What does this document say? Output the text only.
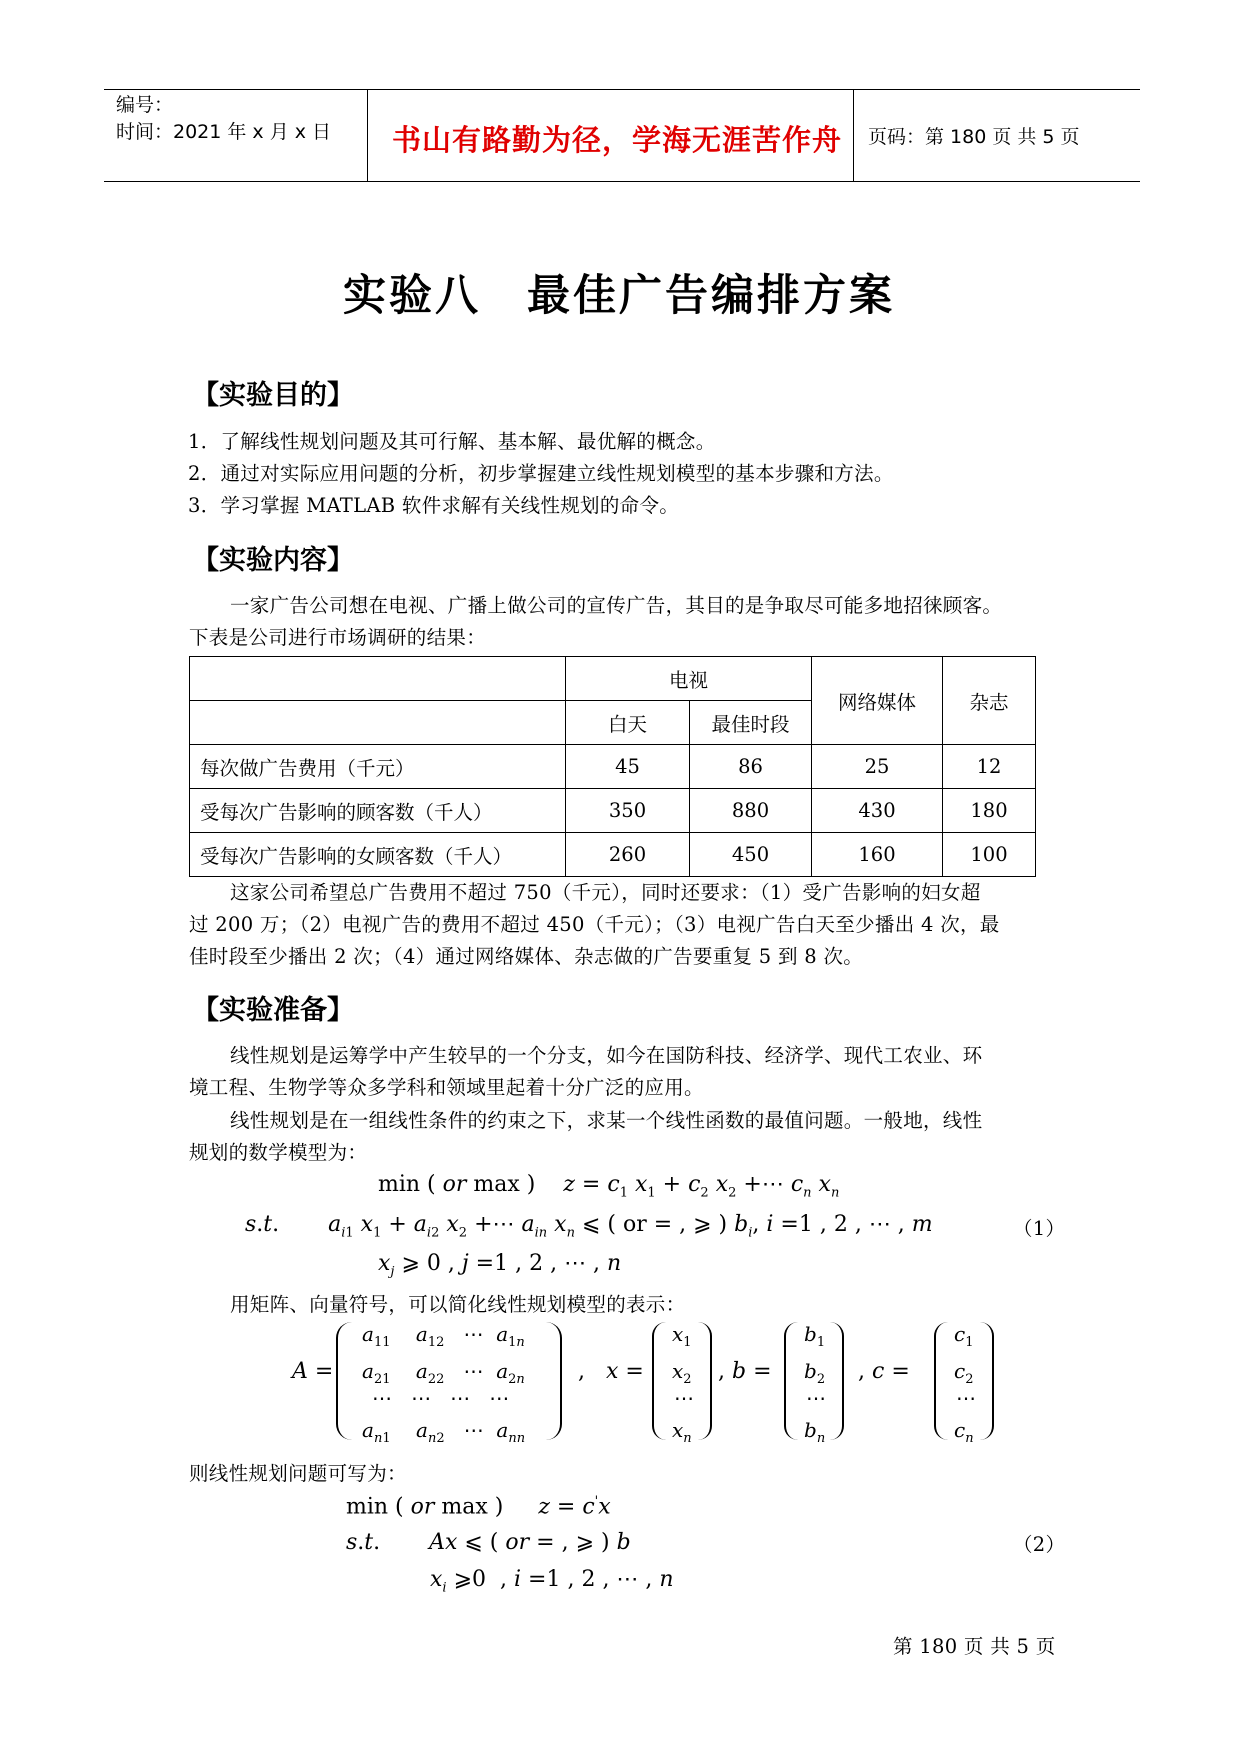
编号：
时间：2021 年 x 月 x 日 书山有路勤为径，学海无涯苦作舟 页码：第 180 页 共 5 页
实验八　最佳广告编排方案
【实验目的】
1．了解线性规划问题及其可行解、基本解、最优解的概念。
2．通过对实际应用问题的分析，初步掌握建立线性规划模型的基本步骤和方法。
3．学习掌握 MATLAB 软件求解有关线性规划的命令。
【实验内容】
一家广告公司想在电视、广播上做公司的宣传广告，其目的是争取尽可能多地招徕顾客。
下表是公司进行市场调研的结果：
	电视		网络媒体	杂志
	白天	最佳时段		
每次做广告费用（千元）	45	86	25	12
受每次广告影响的顾客数（千人）	350	880	430	180
受每次广告影响的女顾客数（千人）	260	450	160	100
这家公司希望总广告费用不超过 750（千元），同时还要求：（1）受广告影响的妇女超
过 200 万；（2）电视广告的费用不超过 450（千元）；（3）电视广告白天至少播出 4 次，最
佳时段至少播出 2 次；（4）通过网络媒体、杂志做的广告要重复 5 到 8 次。
【实验准备】
线性规划是运筹学中产生较早的一个分支，如今在国防科技、经济学、现代工农业、环
境工程、生物学等众多学科和领域里起着十分广泛的应用。
线性规划是在一组线性条件的约束之下，求某一个线性函数的最值问题。一般地，线性
规划的数学模型为：
min ( or max )    $z = c_1$ $x_1 + c_2$ $x_2$ +⋯ $c_n$ $x_n$
s.t.       $a_{i1}$ $x_1 + a_{i2}$ $x_2$ +⋯ $a_{in}$ $x_n$ ⩽ ( or = , ⩾ ) $b_i$, i =1 , 2 , ⋯ , m	（1）
$x_j$ ⩾ 0 , j =1 , 2 , ⋯ , n
用矩阵、向量符号，可以简化线性规划模型的表示：
A =
$a_{11}$ $a_{12}$   ⋯  $a_{1n}$
$a_{21}$ $a_{22}$   ⋯  $a_{2n}$
⋯   ⋯   ⋯   ⋯
$a_{n1}$ $a_{n2}$   ⋯  $a_{nn}$
, x =
$x_1$
$x_2$
⋯
$x_n$
, b =
$b_1$
$b_2$
⋯
$b_n$
, c =
$c_1$
$c_2$
⋯
$c_n$
则线性规划问题可写为：
min ( or max )     z = c'x
s.t.       Ax ⩽ ( or = , ⩾ ) b	（2）
$x_i$ ⩾0  , i =1 , 2 , ⋯ , n
第 180 页 共 5 页
